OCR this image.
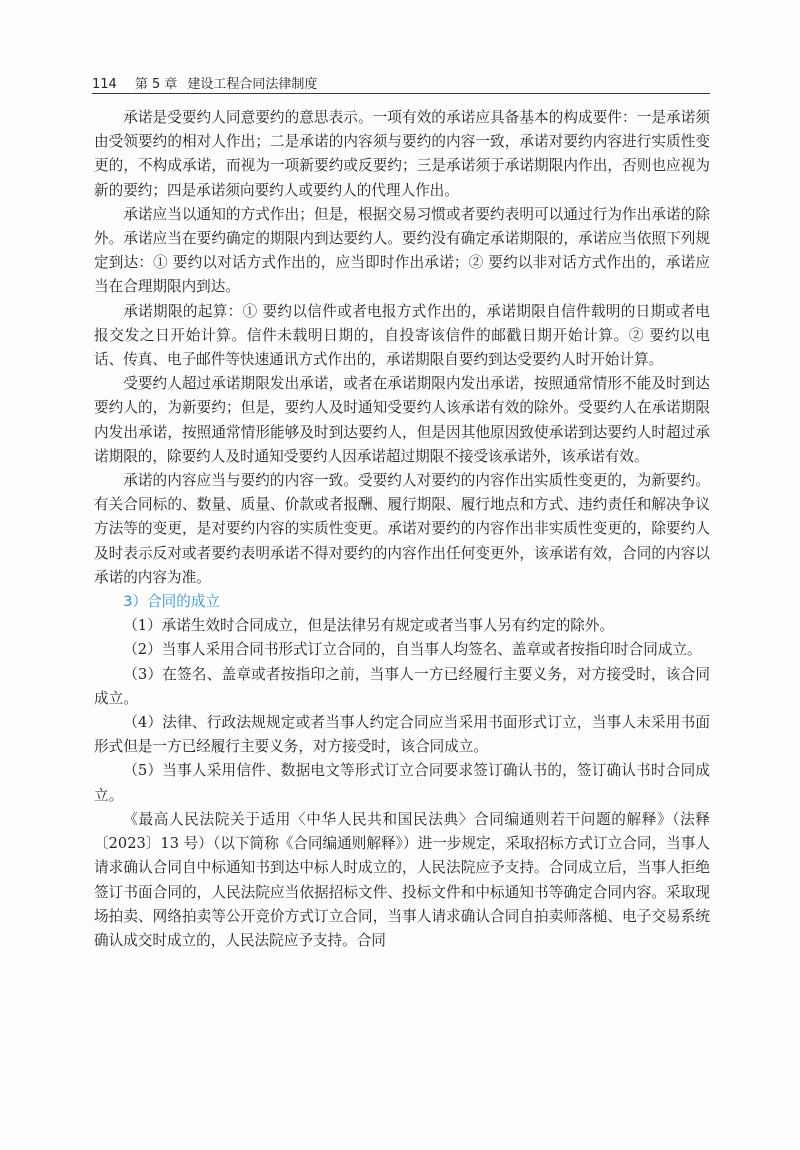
114 第 5 章 建设工程合同法律制度

承诺是受要约人同意要约的意思表示。一项有效的承诺应具备基本的构成要件：一是承诺须由受领要约的相对人作出；二是承诺的内容须与要约的内容一致，承诺对要约内容进行实质性变更的，不构成承诺，而视为一项新要约或反要约；三是承诺须于承诺期限内作出，否则也应视为新的要约；四是承诺须向要约人或要约人的代理人作出。

承诺应当以通知的方式作出；但是，根据交易习惯或者要约表明可以通过行为作出承诺的除外。承诺应当在要约确定的期限内到达要约人。要约没有确定承诺期限的，承诺应当依照下列规定到达：① 要约以对话方式作出的，应当即时作出承诺；② 要约以非对话方式作出的，承诺应当在合理期限内到达。

承诺期限的起算：① 要约以信件或者电报方式作出的，承诺期限自信件载明的日期或者电报交发之日开始计算。信件未载明日期的，自投寄该信件的邮戳日期开始计算。② 要约以电话、传真、电子邮件等快速通讯方式作出的，承诺期限自要约到达受要约人时开始计算。

受要约人超过承诺期限发出承诺，或者在承诺期限内发出承诺，按照通常情形不能及时到达要约人的，为新要约；但是，要约人及时通知受要约人该承诺有效的除外。受要约人在承诺期限内发出承诺，按照通常情形能够及时到达要约人，但是因其他原因致使承诺到达要约人时超过承诺期限的，除要约人及时通知受要约人因承诺超过期限不接受该承诺外，该承诺有效。

承诺的内容应当与要约的内容一致。受要约人对要约的内容作出实质性变更的，为新要约。有关合同标的、数量、质量、价款或者报酬、履行期限、履行地点和方式、违约责任和解决争议方法等的变更，是对要约内容的实质性变更。承诺对要约的内容作出非实质性变更的，除要约人及时表示反对或者要约表明承诺不得对要约的内容作出任何变更外，该承诺有效，合同的内容以承诺的内容为准。

3）合同的成立

（1）承诺生效时合同成立，但是法律另有规定或者当事人另有约定的除外。

（2）当事人采用合同书形式订立合同的，自当事人均签名、盖章或者按指印时合同成立。

（3）在签名、盖章或者按指印之前，当事人一方已经履行主要义务，对方接受时，该合同成立。

（4）法律、行政法规规定或者当事人约定合同应当采用书面形式订立，当事人未采用书面形式但是一方已经履行主要义务，对方接受时，该合同成立。

（5）当事人采用信件、数据电文等形式订立合同要求签订确认书的，签订确认书时合同成立。

《最高人民法院关于适用〈中华人民共和国民法典〉合同编通则若干问题的解释》（法释〔2023〕13 号）（以下简称《合同编通则解释》）进一步规定，采取招标方式订立合同，当事人请求确认合同自中标通知书到达中标人时成立的，人民法院应予支持。合同成立后，当事人拒绝签订书面合同的，人民法院应当依据招标文件、投标文件和中标通知书等确定合同内容。采取现场拍卖、网络拍卖等公开竞价方式订立合同，当事人请求确认合同自拍卖师落槌、电子交易系统确认成交时成立的，人民法院应予支持。合同
